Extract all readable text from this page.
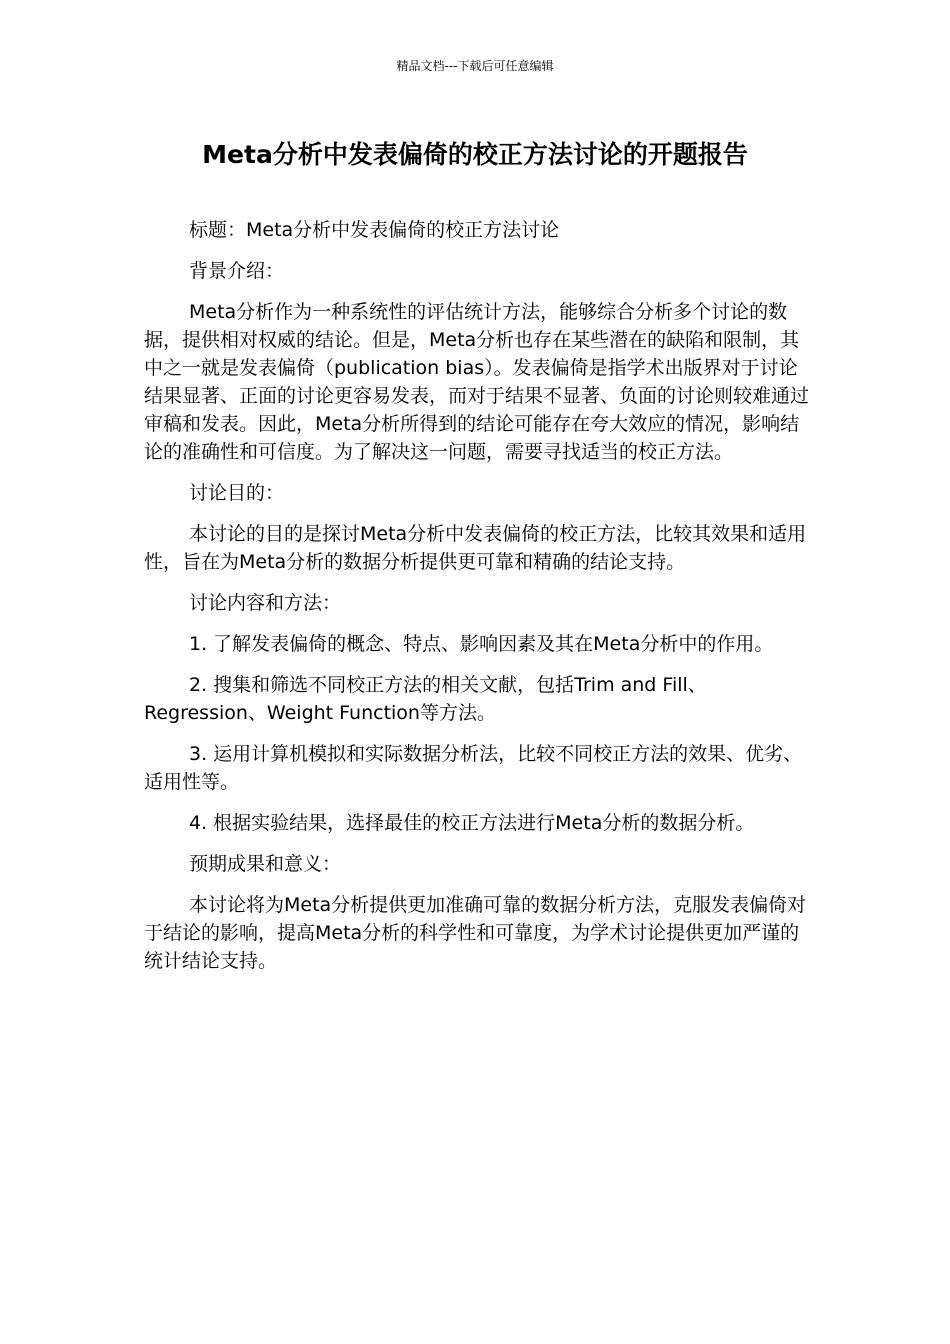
精品文档---下载后可任意编辑
Meta分析中发表偏倚的校正方法讨论的开题报告

标题：Meta分析中发表偏倚的校正方法讨论

背景介绍：

Meta分析作为一种系统性的评估统计方法，能够综合分析多个讨论的数据，提供相对权威的结论。但是，Meta分析也存在某些潜在的缺陷和限制，其中之一就是发表偏倚（publication bias）。发表偏倚是指学术出版界对于讨论结果显著、正面的讨论更容易发表，而对于结果不显著、负面的讨论则较难通过审稿和发表。因此，Meta分析所得到的结论可能存在夸大效应的情况，影响结论的准确性和可信度。为了解决这一问题，需要寻找适当的校正方法。

讨论目的：

本讨论的目的是探讨Meta分析中发表偏倚的校正方法，比较其效果和适用性，旨在为Meta分析的数据分析提供更可靠和精确的结论支持。

讨论内容和方法：

1. 了解发表偏倚的概念、特点、影响因素及其在Meta分析中的作用。

2. 搜集和筛选不同校正方法的相关文献，包括Trim and Fill、Regression、Weight Function等方法。

3. 运用计算机模拟和实际数据分析法，比较不同校正方法的效果、优劣、适用性等。

4. 根据实验结果，选择最佳的校正方法进行Meta分析的数据分析。

预期成果和意义：

本讨论将为Meta分析提供更加准确可靠的数据分析方法，克服发表偏倚对于结论的影响，提高Meta分析的科学性和可靠度，为学术讨论提供更加严谨的统计结论支持。
